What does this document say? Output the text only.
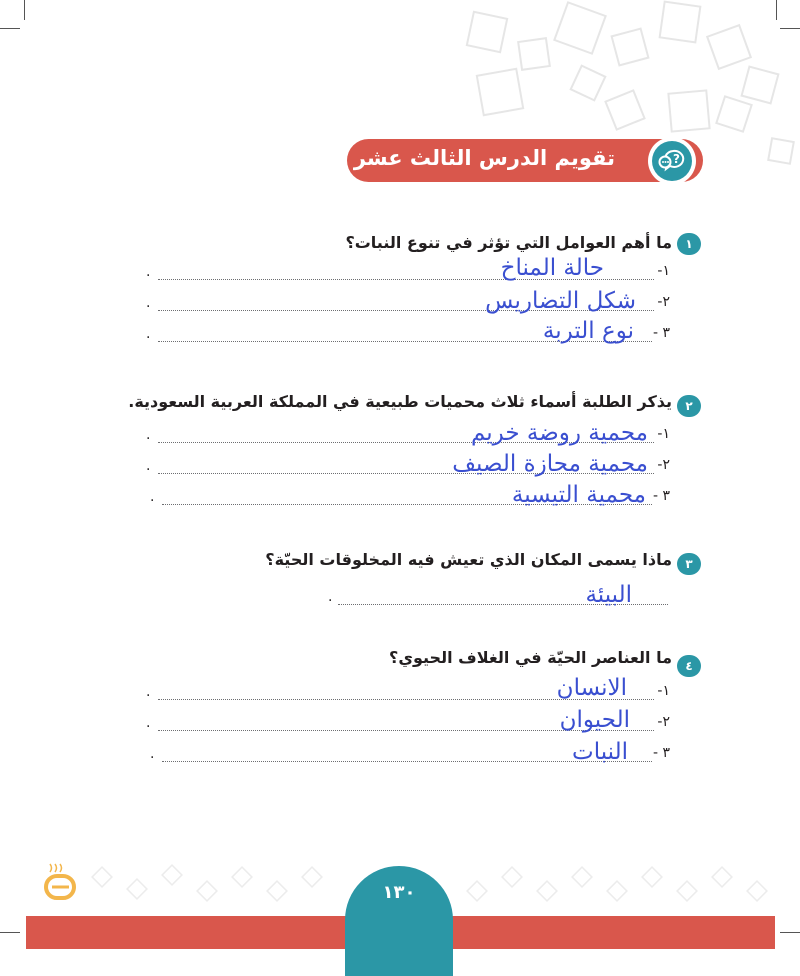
تقويم الدرس الثالث عشر	?
١
ما أهم العوامل التي تؤثر في تنوع النبات؟
١-
.	حالة المناخ
٢-
.	شكل التضاريس
٣ -
.	نوع التربة
٢
يذكر الطلبة أسماء ثلاث محميات طبيعية في المملكة العربية السعودية.
١-
.	محمية روضة خريم
٢-
.	محمية محازة الصيف
٣ -
.	محمية التيسية
٣
ماذا يسمى المكان الذي تعيش فيه المخلوقات الحيّة؟
.	البيئة
٤
ما العناصر الحيّة في الغلاف الحيوي؟
١-
.	الانسان
٢-
.	الحيوان
٣ -
.	النبات
١٣٠
